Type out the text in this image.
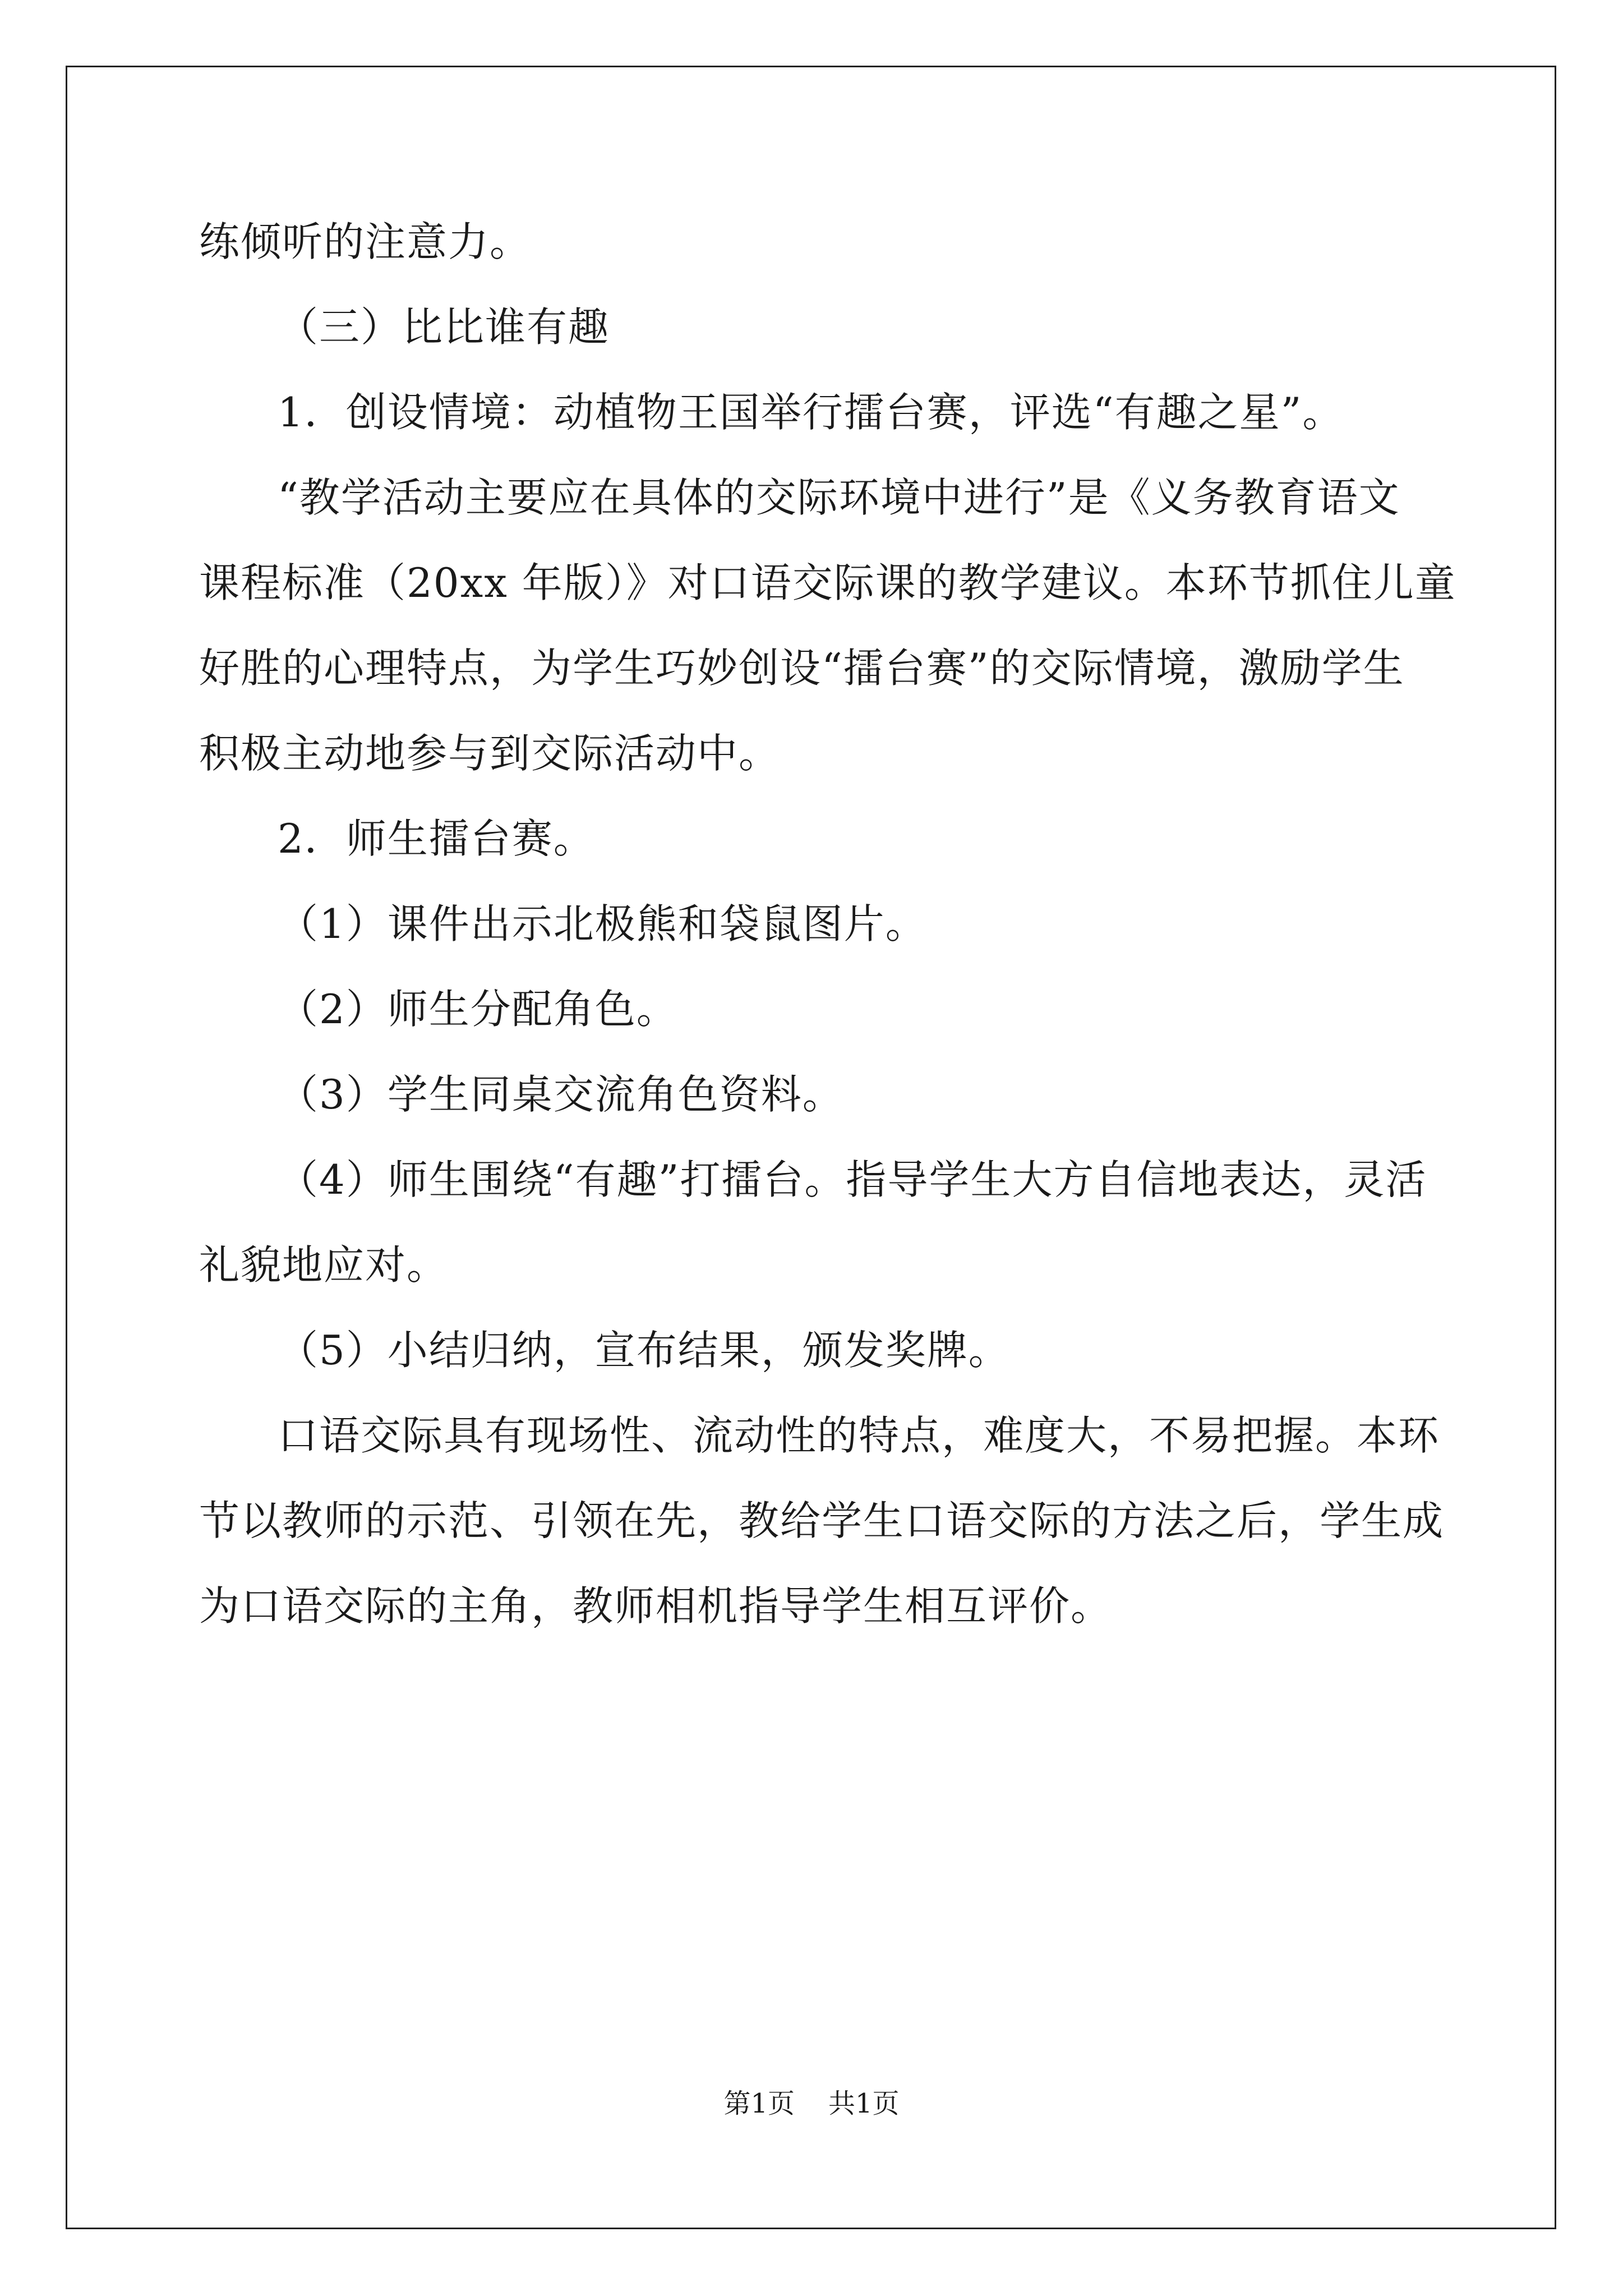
练倾听的注意力。

（三）比比谁有趣

1．创设情境：动植物王国举行擂台赛，评选“有趣之星”。

“教学活动主要应在具体的交际环境中进行”是《义务教育语文

课程标准（20xx 年版）》对口语交际课的教学建议。本环节抓住儿童

好胜的心理特点，为学生巧妙创设“擂台赛”的交际情境，激励学生

积极主动地参与到交际活动中。

2．师生擂台赛。

（1）课件出示北极熊和袋鼠图片。

（2）师生分配角色。

（3）学生同桌交流角色资料。

（4）师生围绕“有趣”打擂台。指导学生大方自信地表达，灵活

礼貌地应对。

（5）小结归纳，宣布结果，颁发奖牌。

口语交际具有现场性、流动性的特点，难度大，不易把握。本环

节以教师的示范、引领在先，教给学生口语交际的方法之后，学生成

为口语交际的主角，教师相机指导学生相互评价。

第1页 共1页
